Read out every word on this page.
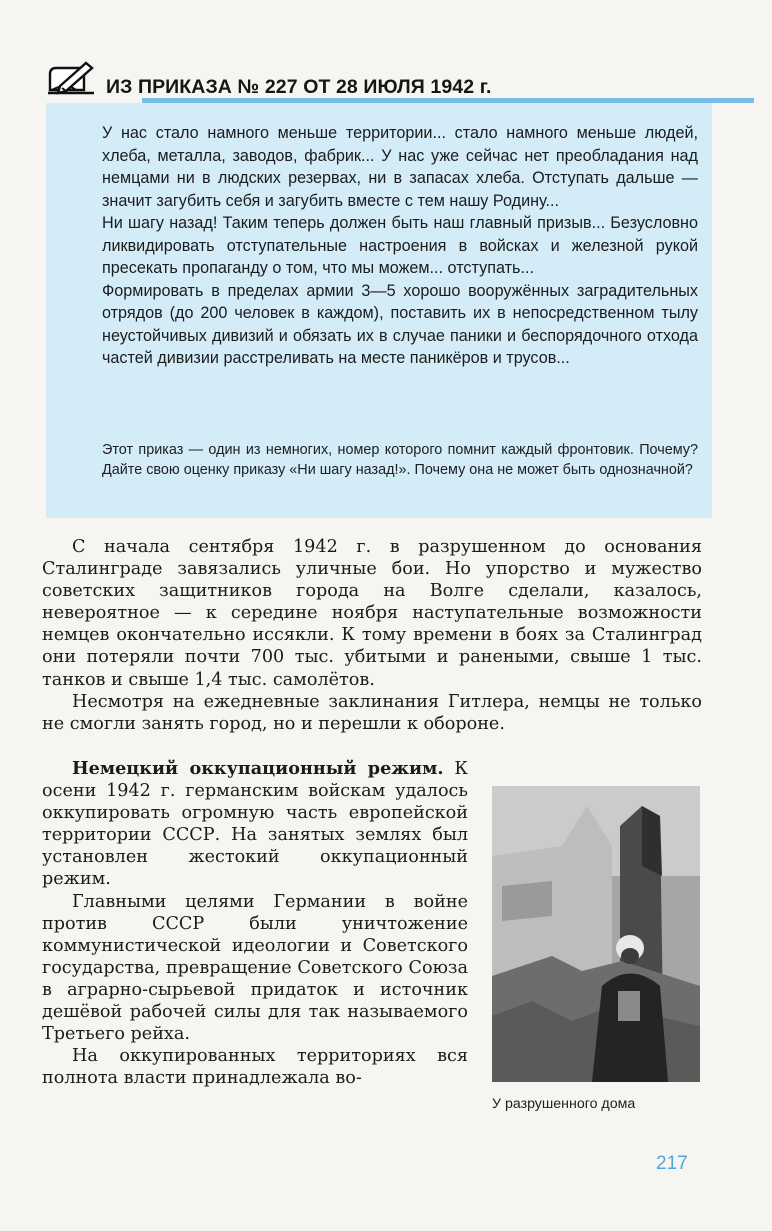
ИЗ ПРИКАЗА № 227 ОТ 28 ИЮЛЯ 1942 г.

У нас стало намного меньше территории... стало намного меньше людей, хлеба, металла, заводов, фабрик... У нас уже сейчас нет преобладания над немцами ни в людских резервах, ни в запасах хлеба. Отступать дальше — значит загубить себя и загубить вместе с тем нашу Родину...

Ни шагу назад! Таким теперь должен быть наш главный призыв... Безусловно ликвидировать отступательные настроения в войсках и железной рукой пресекать пропаганду о том, что мы можем... отступать...

Формировать в пределах армии 3—5 хорошо вооружённых заградительных отрядов (до 200 человек в каждом), поставить их в непосредственном тылу неустойчивых дивизий и обязать их в случае паники и беспорядочного отхода частей дивизии расстреливать на месте паникёров и трусов...

Этот приказ — один из немногих, номер которого помнит каждый фронтовик. Почему? Дайте свою оценку приказу «Ни шагу назад!». Почему она не может быть однозначной?

С начала сентября 1942 г. в разрушенном до основания Сталинграде завязались уличные бои. Но упорство и мужество советских защитников города на Волге сделали, казалось, невероятное — к середине ноября наступательные возможности немцев окончательно иссякли. К тому времени в боях за Сталинград они потеряли почти 700 тыс. убитыми и ранеными, свыше 1 тыс. танков и свыше 1,4 тыс. самолётов.

Несмотря на ежедневные заклинания Гитлера, немцы не только не смогли занять город, но и перешли к обороне.

Немецкий оккупационный режим. К осени 1942 г. германским войскам удалось оккупировать огромную часть европейской территории СССР. На занятых землях был установлен жестокий оккупационный режим.

Главными целями Германии в войне против СССР были уничтожение коммунистической идеологии и Советского государства, превращение Советского Союза в аграрно-сырьевой придаток и источник дешёвой рабочей силы для так называемого Третьего рейха.

На оккупированных территориях вся полнота власти принадлежала во-

У разрушенного дома
217
